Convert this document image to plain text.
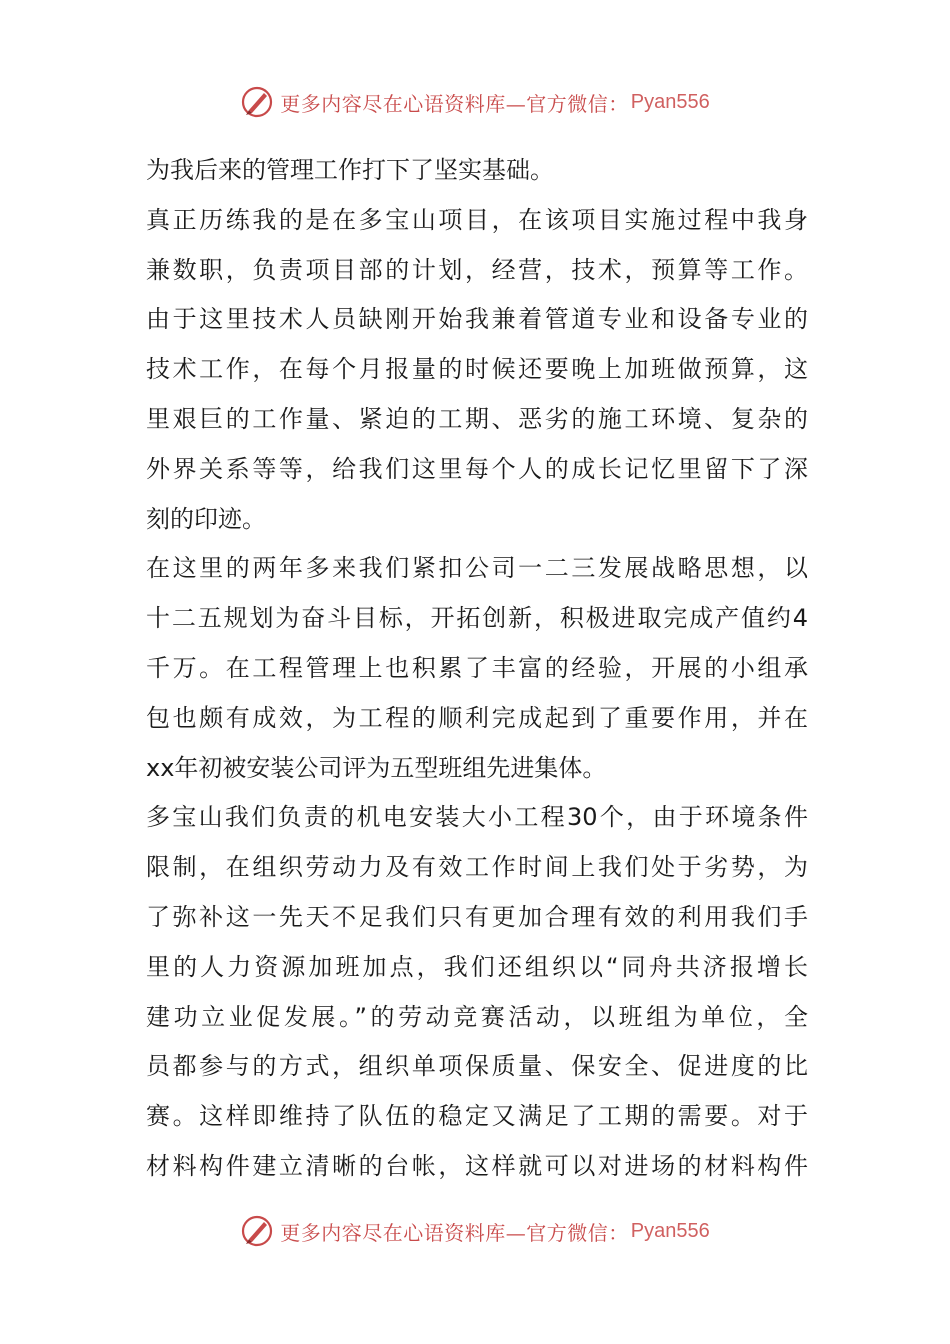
更多内容尽在心语资料库—官方微信： Pyan556
为我后来的管理工作打下了坚实基础。
真正历练我的是在多宝山项目，在该项目实施过程中我身
兼数职，负责项目部的计划，经营，技术，预算等工作。
由于这里技术人员缺刚开始我兼着管道专业和设备专业的
技术工作，在每个月报量的时候还要晚上加班做预算，这
里艰巨的工作量、紧迫的工期、恶劣的施工环境、复杂的
外界关系等等，给我们这里每个人的成长记忆里留下了深
刻的印迹。
在这里的两年多来我们紧扣公司一二三发展战略思想，以
十二五规划为奋斗目标，开拓创新，积极进取完成产值约4
千万。在工程管理上也积累了丰富的经验，开展的小组承
包也颇有成效，为工程的顺利完成起到了重要作用，并在
xx年初被安装公司评为五型班组先进集体。
多宝山我们负责的机电安装大小工程30个，由于环境条件
限制，在组织劳动力及有效工作时间上我们处于劣势，为
了弥补这一先天不足我们只有更加合理有效的利用我们手
里的人力资源加班加点，我们还组织以“同舟共济报增长
建功立业促发展。”的劳动竞赛活动，以班组为单位，全
员都参与的方式，组织单项保质量、保安全、促进度的比
赛。这样即维持了队伍的稳定又满足了工期的需要。对于
材料构件建立清晰的台帐，这样就可以对进场的材料构件
更多内容尽在心语资料库—官方微信： Pyan556
